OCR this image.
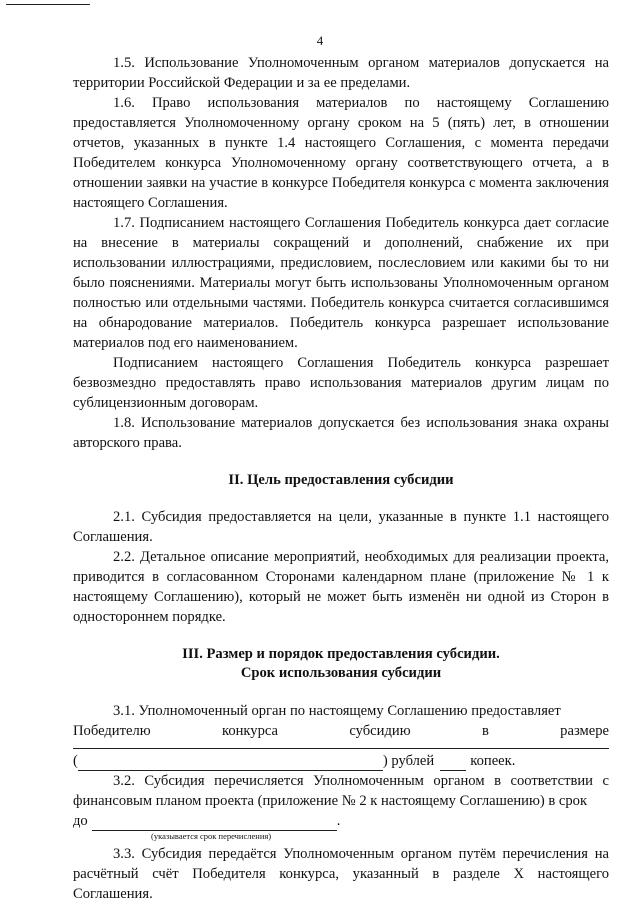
4

1.5. Использование Уполномоченным органом материалов допускается на территории Российской Федерации и за ее пределами.

1.6. Право использования материалов по настоящему Соглашению предоставляется Уполномоченному органу сроком на 5 (пять) лет, в отношении отчетов, указанных в пункте 1.4 настоящего Соглашения, с момента передачи Победителем конкурса Уполномоченному органу соответствующего отчета, а в отношении заявки на участие в конкурсе Победителя конкурса с момента заключения настоящего Соглашения.

1.7. Подписанием настоящего Соглашения Победитель конкурса дает согласие на внесение в материалы сокращений и дополнений, снабжение их при использовании иллюстрациями, предисловием, послесловием или какими бы то ни было пояснениями. Материалы могут быть использованы Уполномоченным органом полностью или отдельными частями. Победитель конкурса считается согласившимся на обнародование материалов. Победитель конкурса разрешает использование материалов под его наименованием.

Подписанием настоящего Соглашения Победитель конкурса разрешает безвозмездно предоставлять право использования материалов другим лицам по сублицензионным договорам.

1.8. Использование материалов допускается без использования знака охраны авторского права.

II. Цель предоставления субсидии

2.1. Субсидия предоставляется на цели, указанные в пункте 1.1 настоящего Соглашения.

2.2. Детальное описание мероприятий, необходимых для реализации проекта, приводится в согласованном Сторонами календарном плане (приложение № 1 к настоящему Соглашению), который не может быть изменён ни одной из Сторон в одностороннем порядке.

III. Размер и порядок предоставления субсидии.
Срок использования субсидии

3.1. Уполномоченный орган по настоящему Соглашению предоставляет

Победителю конкурса субсидию в размере
(	) рублей копеек.

3.2. Субсидия перечисляется Уполномоченным органом в соответствии с финансовым планом проекта (приложение № 2 к настоящему Соглашению) в срок

до	.
(указывается срок перечисления)

3.3. Субсидия передаётся Уполномоченным органом путём перечисления на расчётный счёт Победителя конкурса, указанный в разделе X настоящего Соглашения.
